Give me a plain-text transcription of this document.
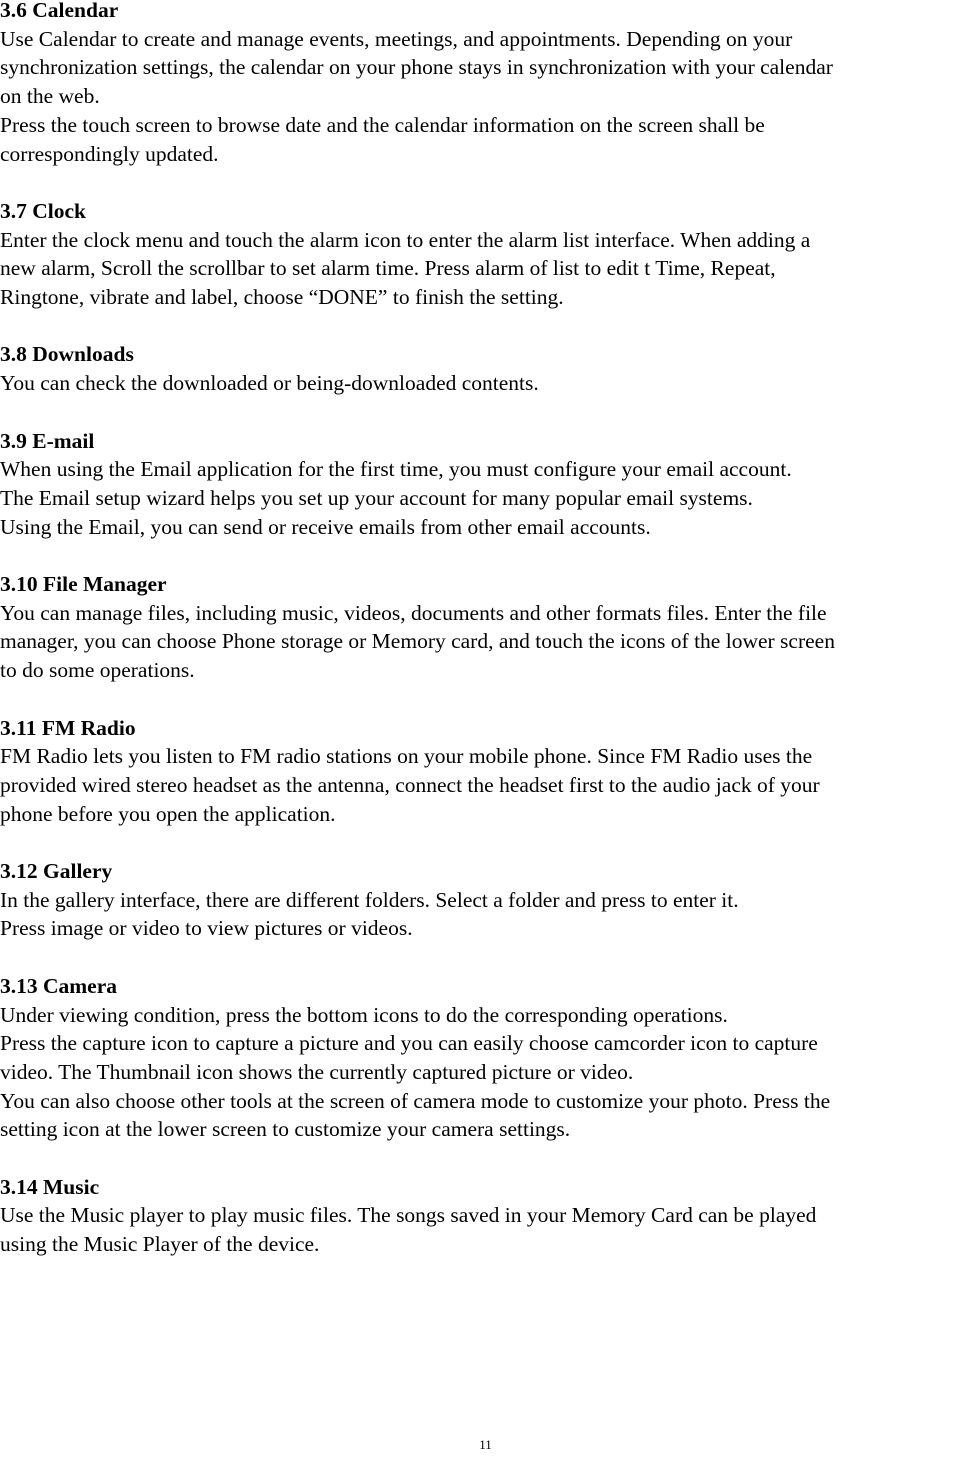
3.6 Calendar
Use Calendar to create and manage events, meetings, and appointments. Depending on your
synchronization settings, the calendar on your phone stays in synchronization with your calendar
on the web.
Press the touch screen to browse date and the calendar information on the screen shall be
correspondingly updated.
3.7 Clock
Enter the clock menu and touch the alarm icon to enter the alarm list interface. When adding a
new alarm, Scroll the scrollbar to set alarm time. Press alarm of list to edit t Time, Repeat,
Ringtone, vibrate and label, choose “DONE” to finish the setting.
3.8 Downloads
You can check the downloaded or being-downloaded contents.
3.9 E-mail
When using the Email application for the first time, you must configure your email account.
The Email setup wizard helps you set up your account for many popular email systems.
Using the Email, you can send or receive emails from other email accounts.
3.10 File Manager
You can manage files, including music, videos, documents and other formats files. Enter the file
manager, you can choose Phone storage or Memory card, and touch the icons of the lower screen
to do some operations.
3.11 FM Radio
FM Radio lets you listen to FM radio stations on your mobile phone. Since FM Radio uses the
provided wired stereo headset as the antenna, connect the headset first to the audio jack of your
phone before you open the application.
3.12 Gallery
In the gallery interface, there are different folders. Select a folder and press to enter it.
Press image or video to view pictures or videos.
3.13 Camera
Under viewing condition, press the bottom icons to do the corresponding operations.
Press the capture icon to capture a picture and you can easily choose camcorder icon to capture
video. The Thumbnail icon shows the currently captured picture or video.
You can also choose other tools at the screen of camera mode to customize your photo. Press the
setting icon at the lower screen to customize your camera settings.
3.14 Music
Use the Music player to play music files. The songs saved in your Memory Card can be played
using the Music Player of the device.
11
